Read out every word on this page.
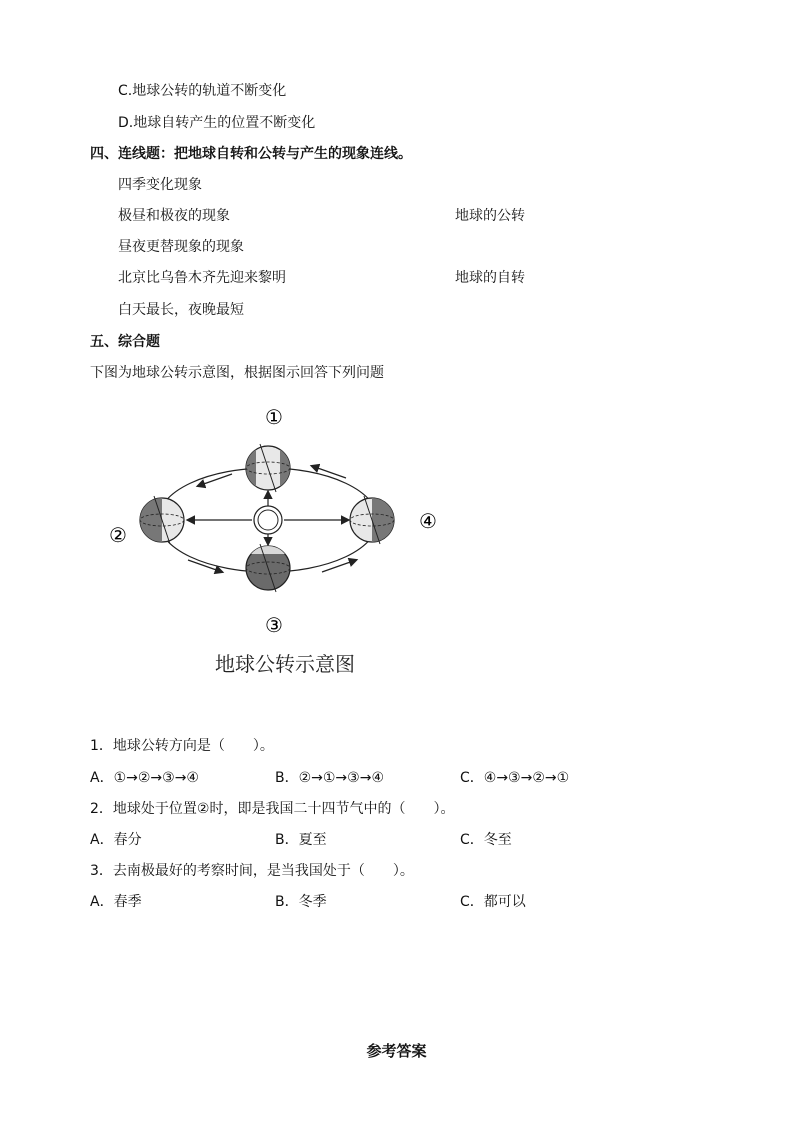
C.地球公转的轨道不断变化
D.地球自转产生的位置不断变化
四、连线题：把地球自转和公转与产生的现象连线。
四季变化现象
极昼和极夜的现象	地球的公转
昼夜更替现象的现象
北京比乌鲁木齐先迎来黎明	地球的自转
白天最长，夜晚最短
五、综合题
下图为地球公转示意图，根据图示回答下列问题
①
②
③
④
地球公转示意图
1．地球公转方向是（　　）。
A．①→②→③→④	B．②→①→③→④	C．④→③→②→①
2．地球处于位置②时，即是我国二十四节气中的（　　）。
A．春分	B．夏至	C．冬至
3．去南极最好的考察时间，是当我国处于（　　）。
A．春季	B．冬季	C．都可以
参考答案
